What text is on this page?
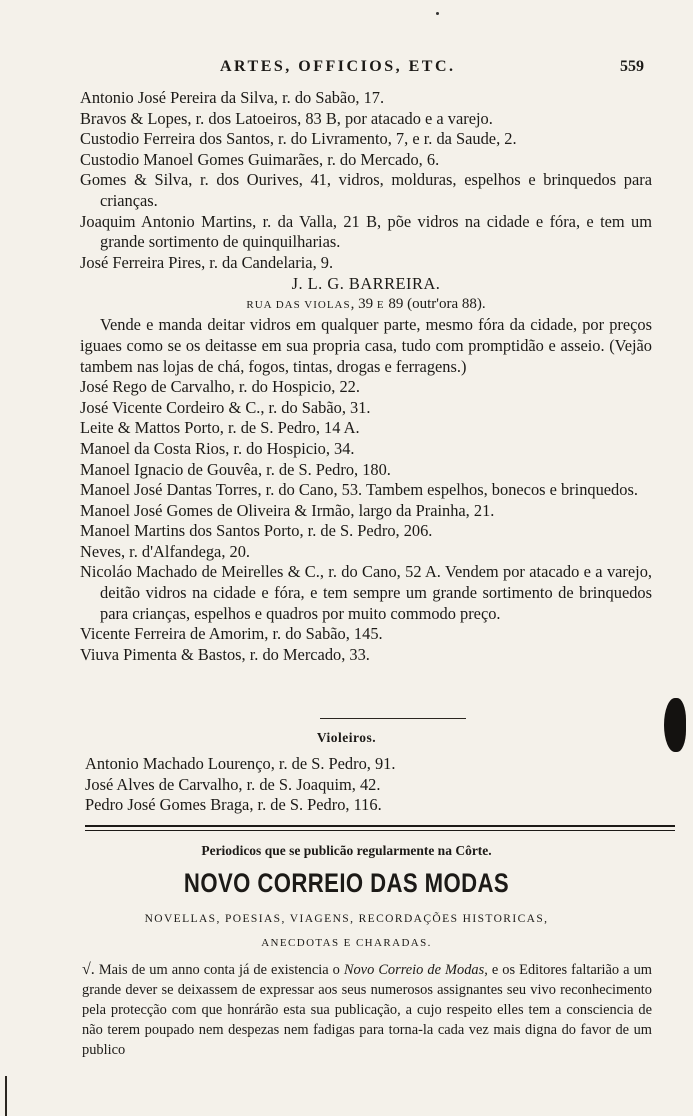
ARTES, OFFICIOS, ETC.	559

Antonio José Pereira da Silva, r. do Sabão, 17.

Bravos & Lopes, r. dos Latoeiros, 83 B, por atacado e a varejo.

Custodio Ferreira dos Santos, r. do Livramento, 7, e r. da Saude, 2.

Custodio Manoel Gomes Guimarães, r. do Mercado, 6.

Gomes & Silva, r. dos Ourives, 41, vidros, molduras, espelhos e brinquedos para crianças.

Joaquim Antonio Martins, r. da Valla, 21 B, põe vidros na cidade e fóra, e tem um grande sortimento de quinquilharias.

José Ferreira Pires, r. da Candelaria, 9.

J. L. G. BARREIRA.

RUA DAS VIOLAS, 39 E 89 (outr'ora 88).

Vende e manda deitar vidros em qualquer parte, mesmo fóra da cidade, por preços iguaes como se os deitasse em sua propria casa, tudo com promptidão e asseio. (Vejão tambem nas lojas de chá, fogos, tintas, drogas e ferragens.)

José Rego de Carvalho, r. do Hospicio, 22.

José Vicente Cordeiro & C., r. do Sabão, 31.

Leite & Mattos Porto, r. de S. Pedro, 14 A.

Manoel da Costa Rios, r. do Hospicio, 34.

Manoel Ignacio de Gouvêa, r. de S. Pedro, 180.

Manoel José Dantas Torres, r. do Cano, 53. Tambem espelhos, bonecos e brinquedos.

Manoel José Gomes de Oliveira & Irmão, largo da Prainha, 21.

Manoel Martins dos Santos Porto, r. de S. Pedro, 206.

Neves, r. d'Alfandega, 20.

Nicoláo Machado de Meirelles & C., r. do Cano, 52 A. Vendem por atacado e a varejo, deitão vidros na cidade e fóra, e tem sempre um grande sortimento de brinquedos para crianças, espelhos e quadros por muito commodo preço.

Vicente Ferreira de Amorim, r. do Sabão, 145.

Viuva Pimenta & Bastos, r. do Mercado, 33.

Violeiros.

Antonio Machado Lourenço, r. de S. Pedro, 91.

José Alves de Carvalho, r. de S. Joaquim, 42.

Pedro José Gomes Braga, r. de S. Pedro, 116.

Periodicos que se publicão regularmente na Côrte.
NOVO CORREIO DAS MODAS
NOVELLAS, POESIAS, VIAGENS, RECORDAÇÕES HISTORICAS,
ANECDOTAS E CHARADAS.

√. Mais de um anno conta já de existencia o Novo Correio de Modas, e os Editores faltarião a um grande dever se deixassem de expressar aos seus numerosos assignantes seu vivo reconhecimento pela protecção com que honrárão esta sua publicação, a cujo respeito elles tem a consciencia de não terem poupado nem despezas nem fadigas para torna-la cada vez mais digna do favor de um publico
